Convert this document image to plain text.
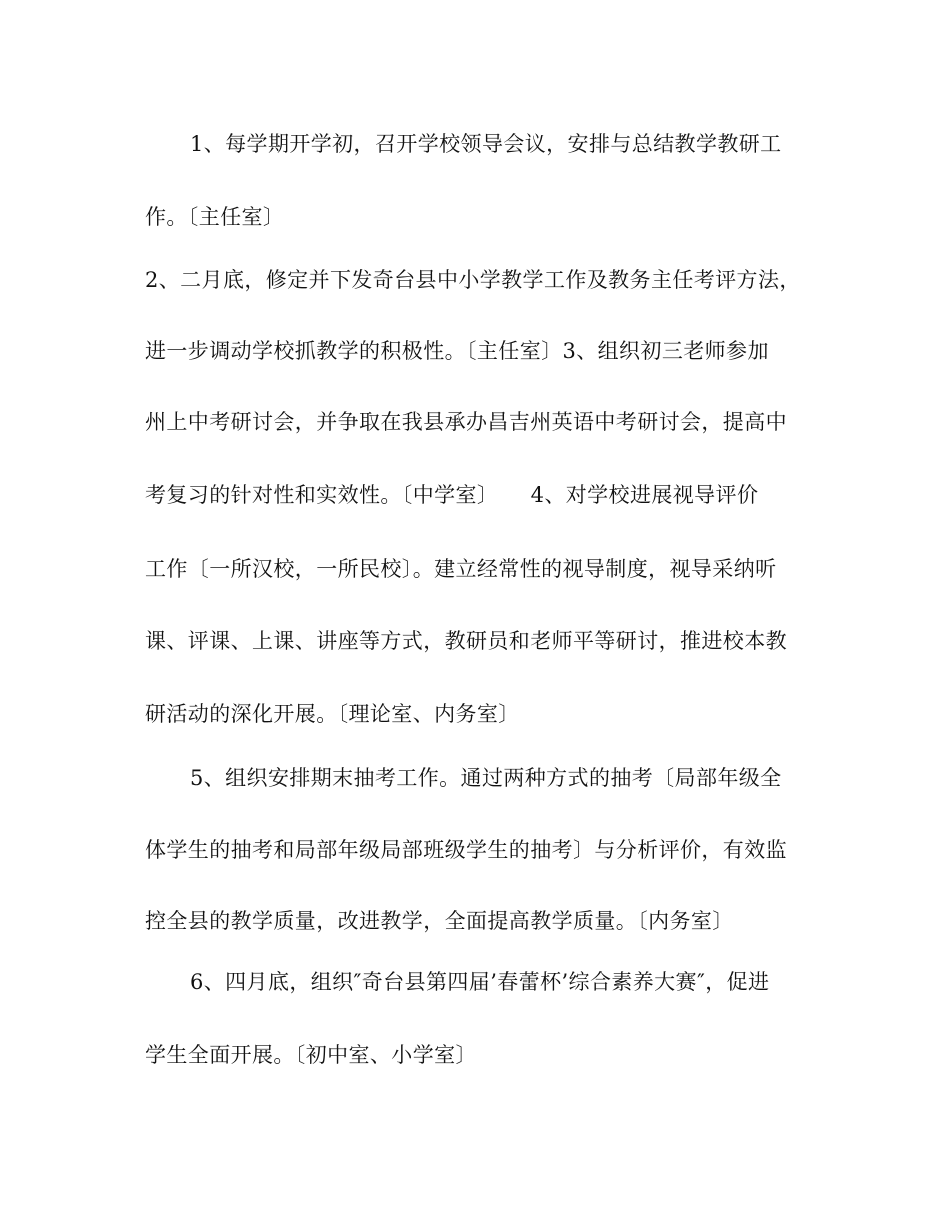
1、每学期开学初，召开学校领导会议，安排与总结教学教研工
作。〔主任室〕
2、二月底，修定并下发奇台县中小学教学工作及教务主任考评方法，
进一步调动学校抓教学的积极性。〔主任室〕3、组织初三老师参加
州上中考研讨会，并争取在我县承办昌吉州英语中考研讨会，提高中
考复习的针对性和实效性。〔中学室〕　　4、对学校进展视导评价
工作〔一所汉校，一所民校〕。建立经常性的视导制度，视导采纳听
课、评课、上课、讲座等方式，教研员和老师平等研讨，推进校本教
研活动的深化开展。〔理论室、内务室〕
5、组织安排期末抽考工作。通过两种方式的抽考〔局部年级全
体学生的抽考和局部年级局部班级学生的抽考〕与分析评价，有效监
控全县的教学质量，改进教学，全面提高教学质量。〔内务室〕
6、四月底，组织″奇台县第四届’春蕾杯’综合素养大赛″，促进
学生全面开展。〔初中室、小学室〕
